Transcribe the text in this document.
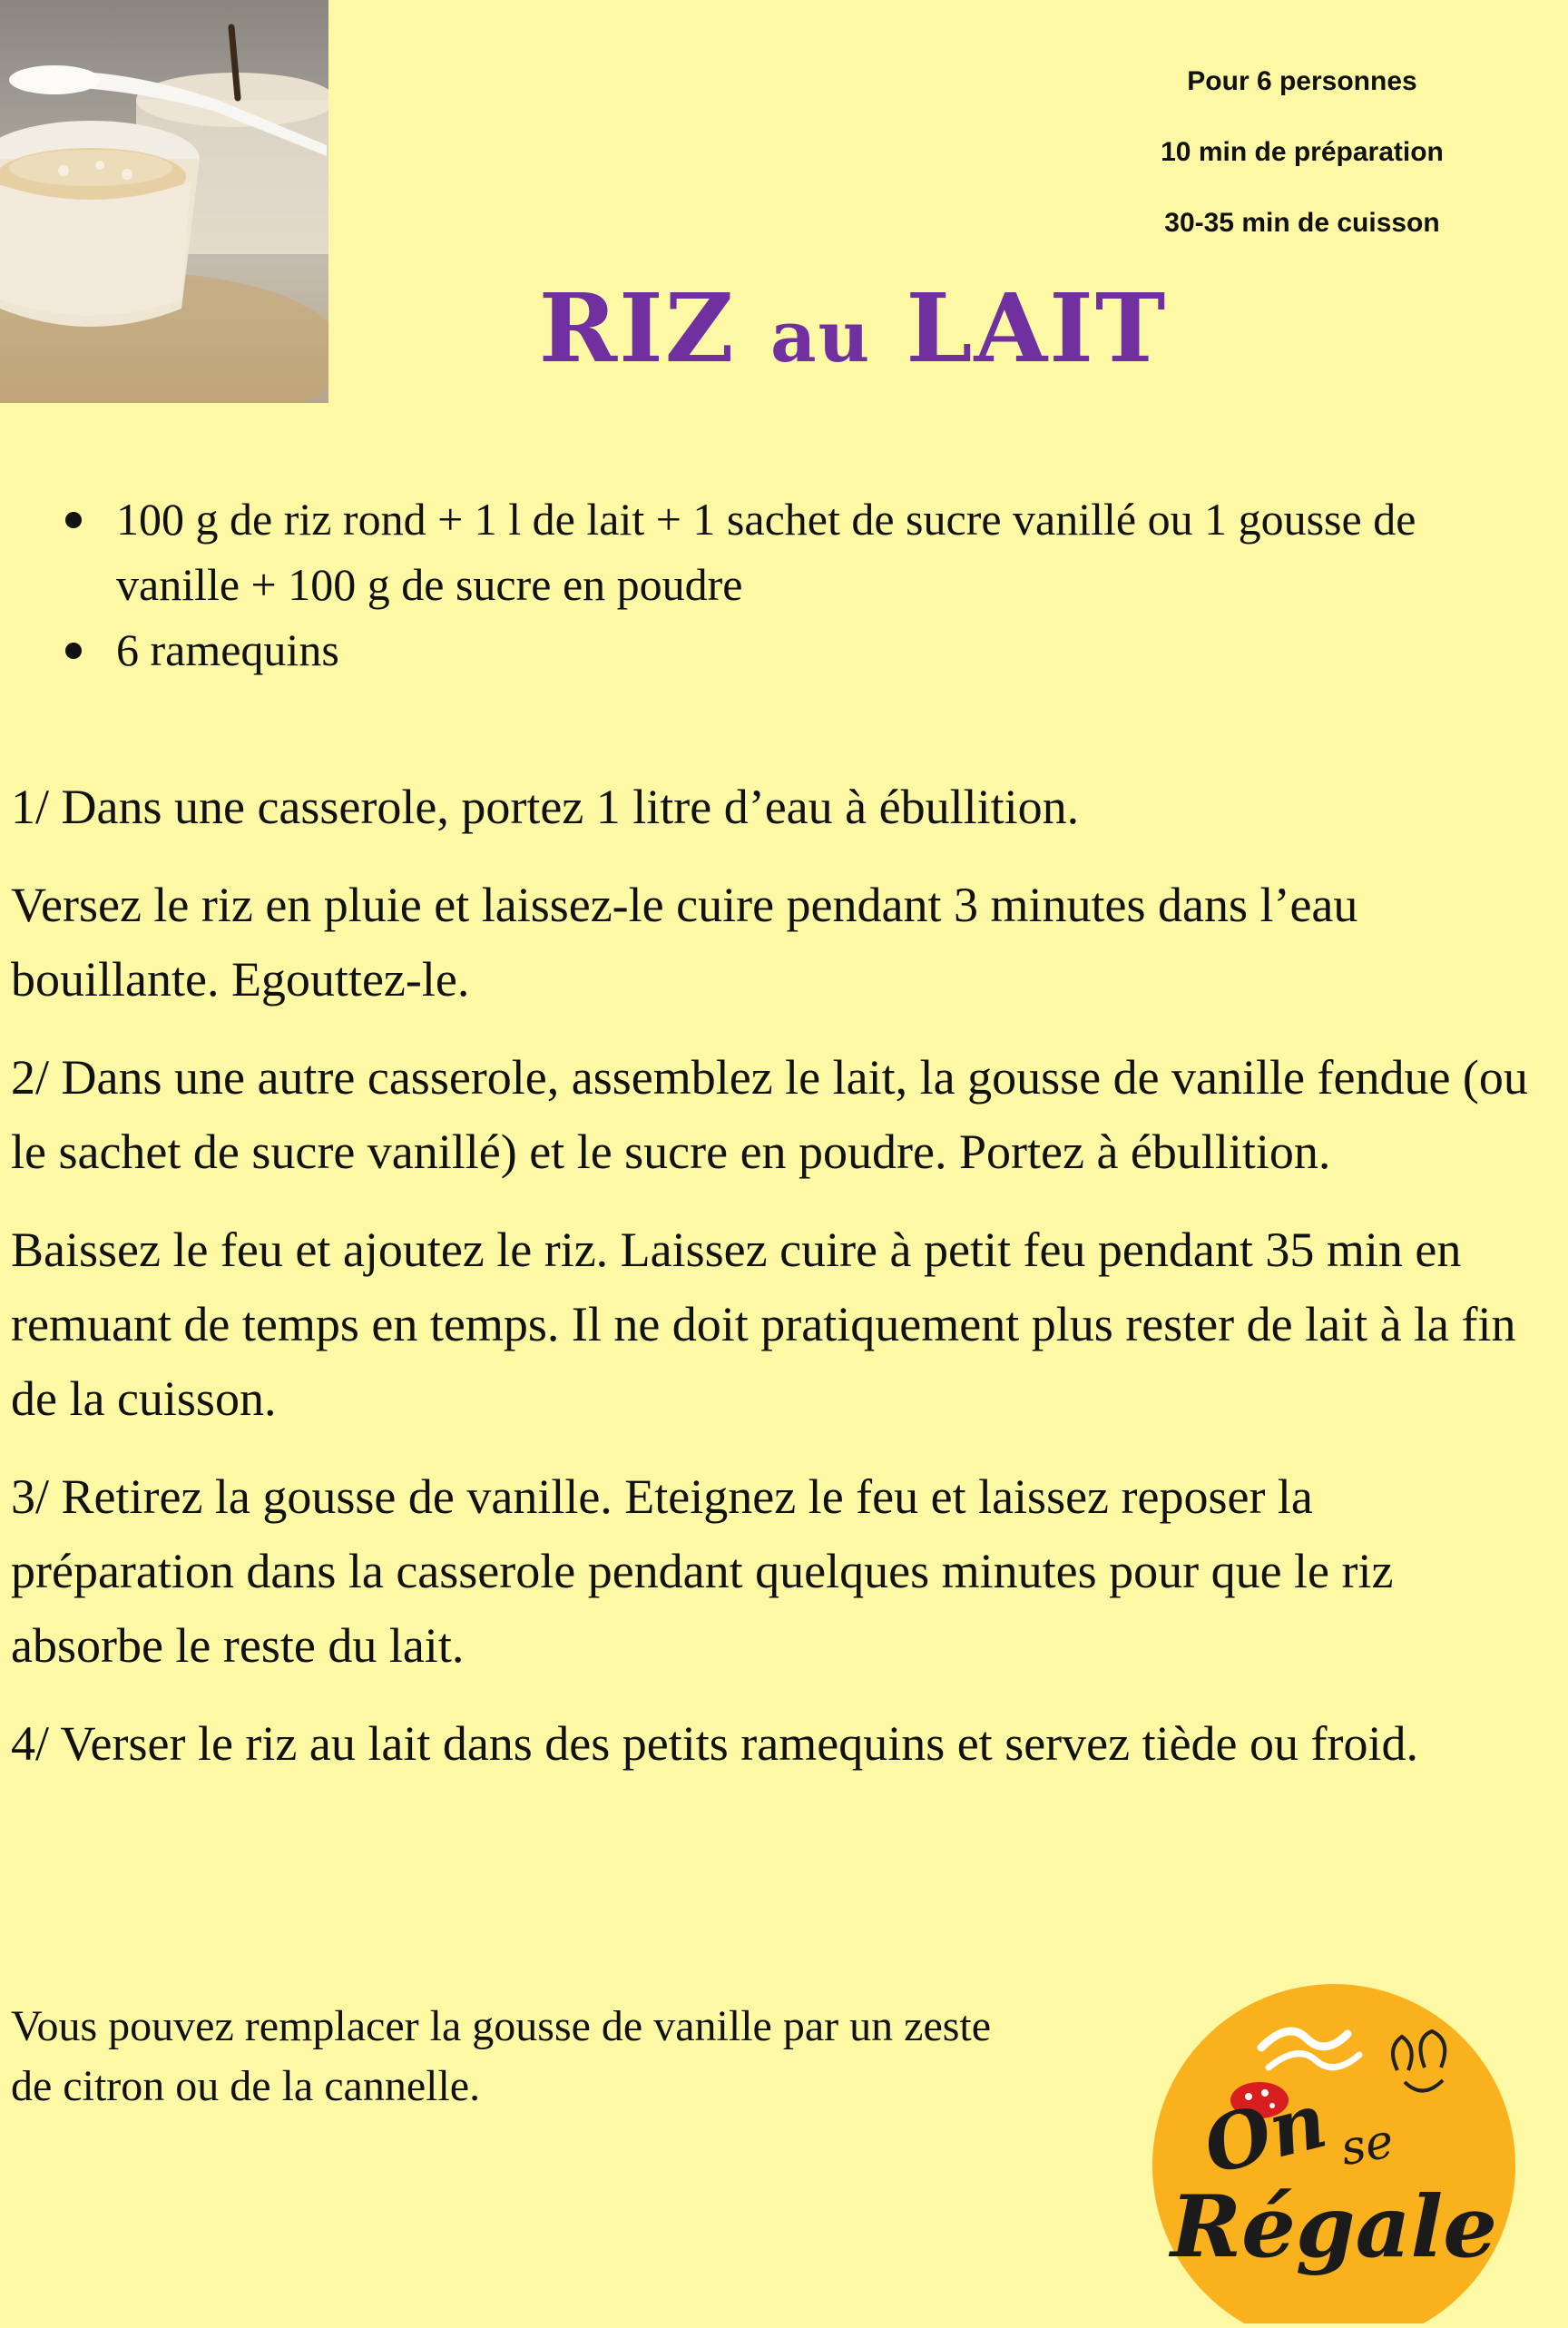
Pour 6 personnes
10 min de préparation
30-35 min de cuisson
RIZ au LAIT
100 g de riz rond + 1 l de lait + 1 sachet de sucre vanillé ou 1 gousse de vanille + 100 g de sucre en poudre
6 ramequins

1/ Dans une casserole, portez 1 litre d’eau à ébullition.

Versez le riz en pluie et laissez-le cuire pendant 3 minutes dans l’eau bouillante. Egouttez-le.

2/ Dans une autre casserole, assemblez le lait, la gousse de vanille fendue (ou le sachet de sucre vanillé) et le sucre en poudre. Portez à ébullition.

Baissez le feu et ajoutez le riz. Laissez cuire à petit feu pendant 35 min en remuant de temps en temps. Il ne doit pratiquement plus rester de lait à la fin de la cuisson.

3/ Retirez la gousse de vanille. Eteignez le feu et laissez reposer la préparation dans la casserole pendant quelques minutes pour que le riz absorbe le reste du lait.

4/ Verser le riz au lait dans des petits ramequins et servez tiède ou froid.

Vous pouvez remplacer la gousse de vanille par un zeste de citron ou de la cannelle.	On se
Régale
